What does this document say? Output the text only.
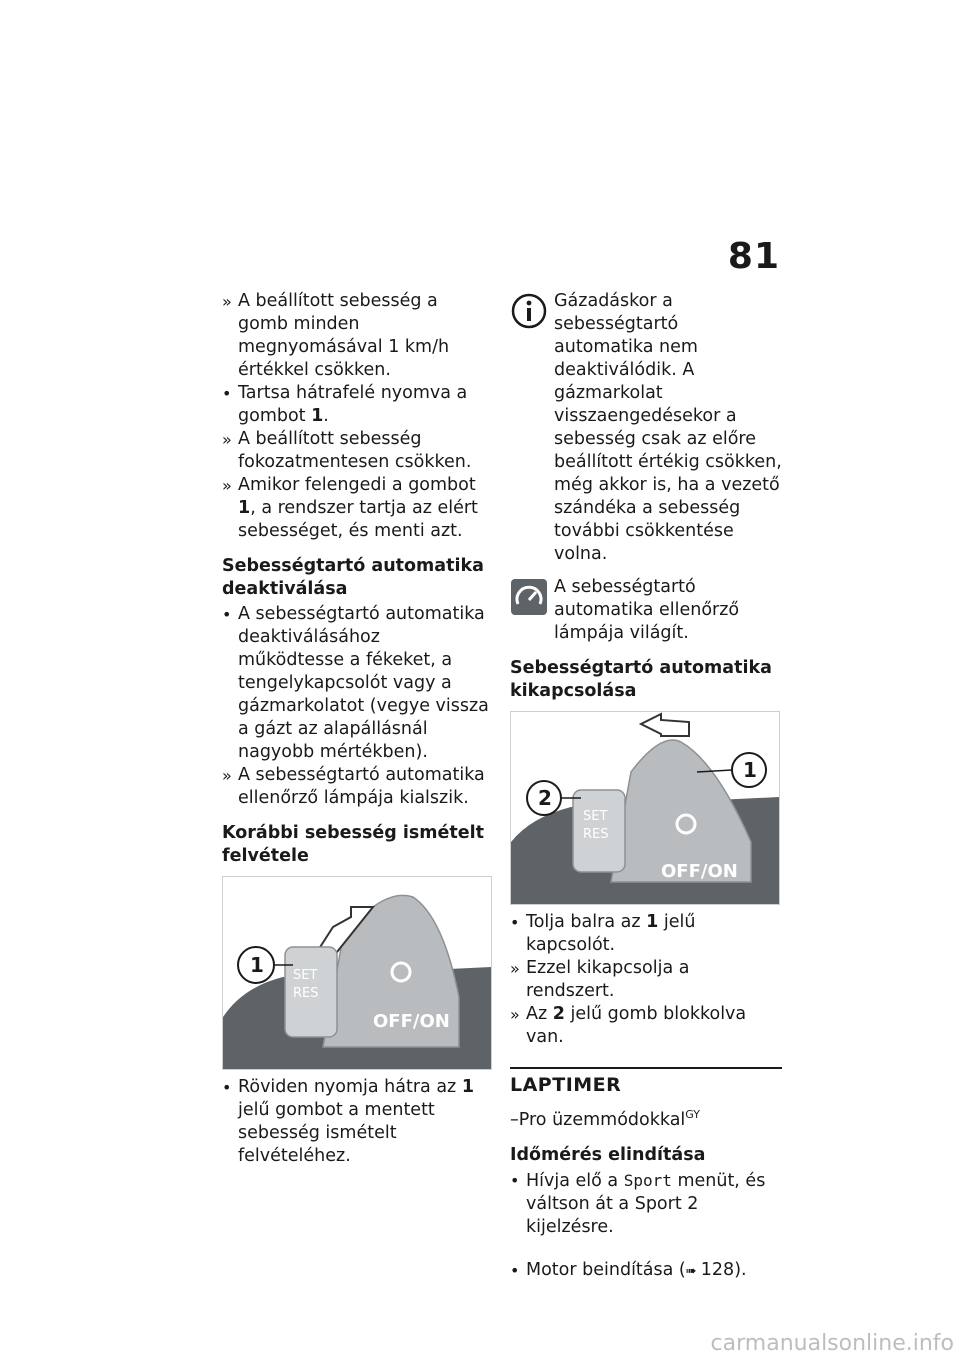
81
» A beállított sebesség a gomb minden megnyomásával 1 km/h értékkel csökken.
• Tartsa hátrafelé nyomva a gombot 1.
» A beállított sebesség fokozatmentesen csökken.
» Amikor felengedi a gombot 1, a rendszer tartja az elért sebességet, és menti azt.
Sebességtartó automatika deaktiválása
• A sebességtartó automatika deaktiválásához működtesse a fékeket, a tengelykapcsolót vagy a gázmarkolatot (vegye vissza a gázt az alapállásnál nagyobb mértékben).
» A sebességtartó automatika ellenőrző lámpája kialszik.
Korábbi sebesség ismételt felvétele
SET
RES
OFF/ON
1
• Röviden nyomja hátra az 1 jelű gombot a mentett sebesség ismételt felvételéhez.
Gázadáskor a sebességtartó automatika nem deaktiválódik. A gázmarkolat visszaengedésekor a sebesség csak az előre beállított értékig csökken, még akkor is, ha a vezető szándéka a sebesség további csökkentése volna.
A sebességtartó automatika ellenőrző lámpája világít.
Sebességtartó automatika kikapcsolása
SET
RES
OFF/ON
1
2
• Tolja balra az 1 jelű kapcsolót.
» Ezzel kikapcsolja a rendszert.
» Az 2 jelű gomb blokkolva van.
LAPTIMER
–Pro üzemmódokkal$^{GY}$
Időmérés elindítása
• Hívja elő a Sport menüt, és váltson át a Sport 2 kijelzésre.
• Motor beindítása (➠ 128).
carmanualsonline.info
